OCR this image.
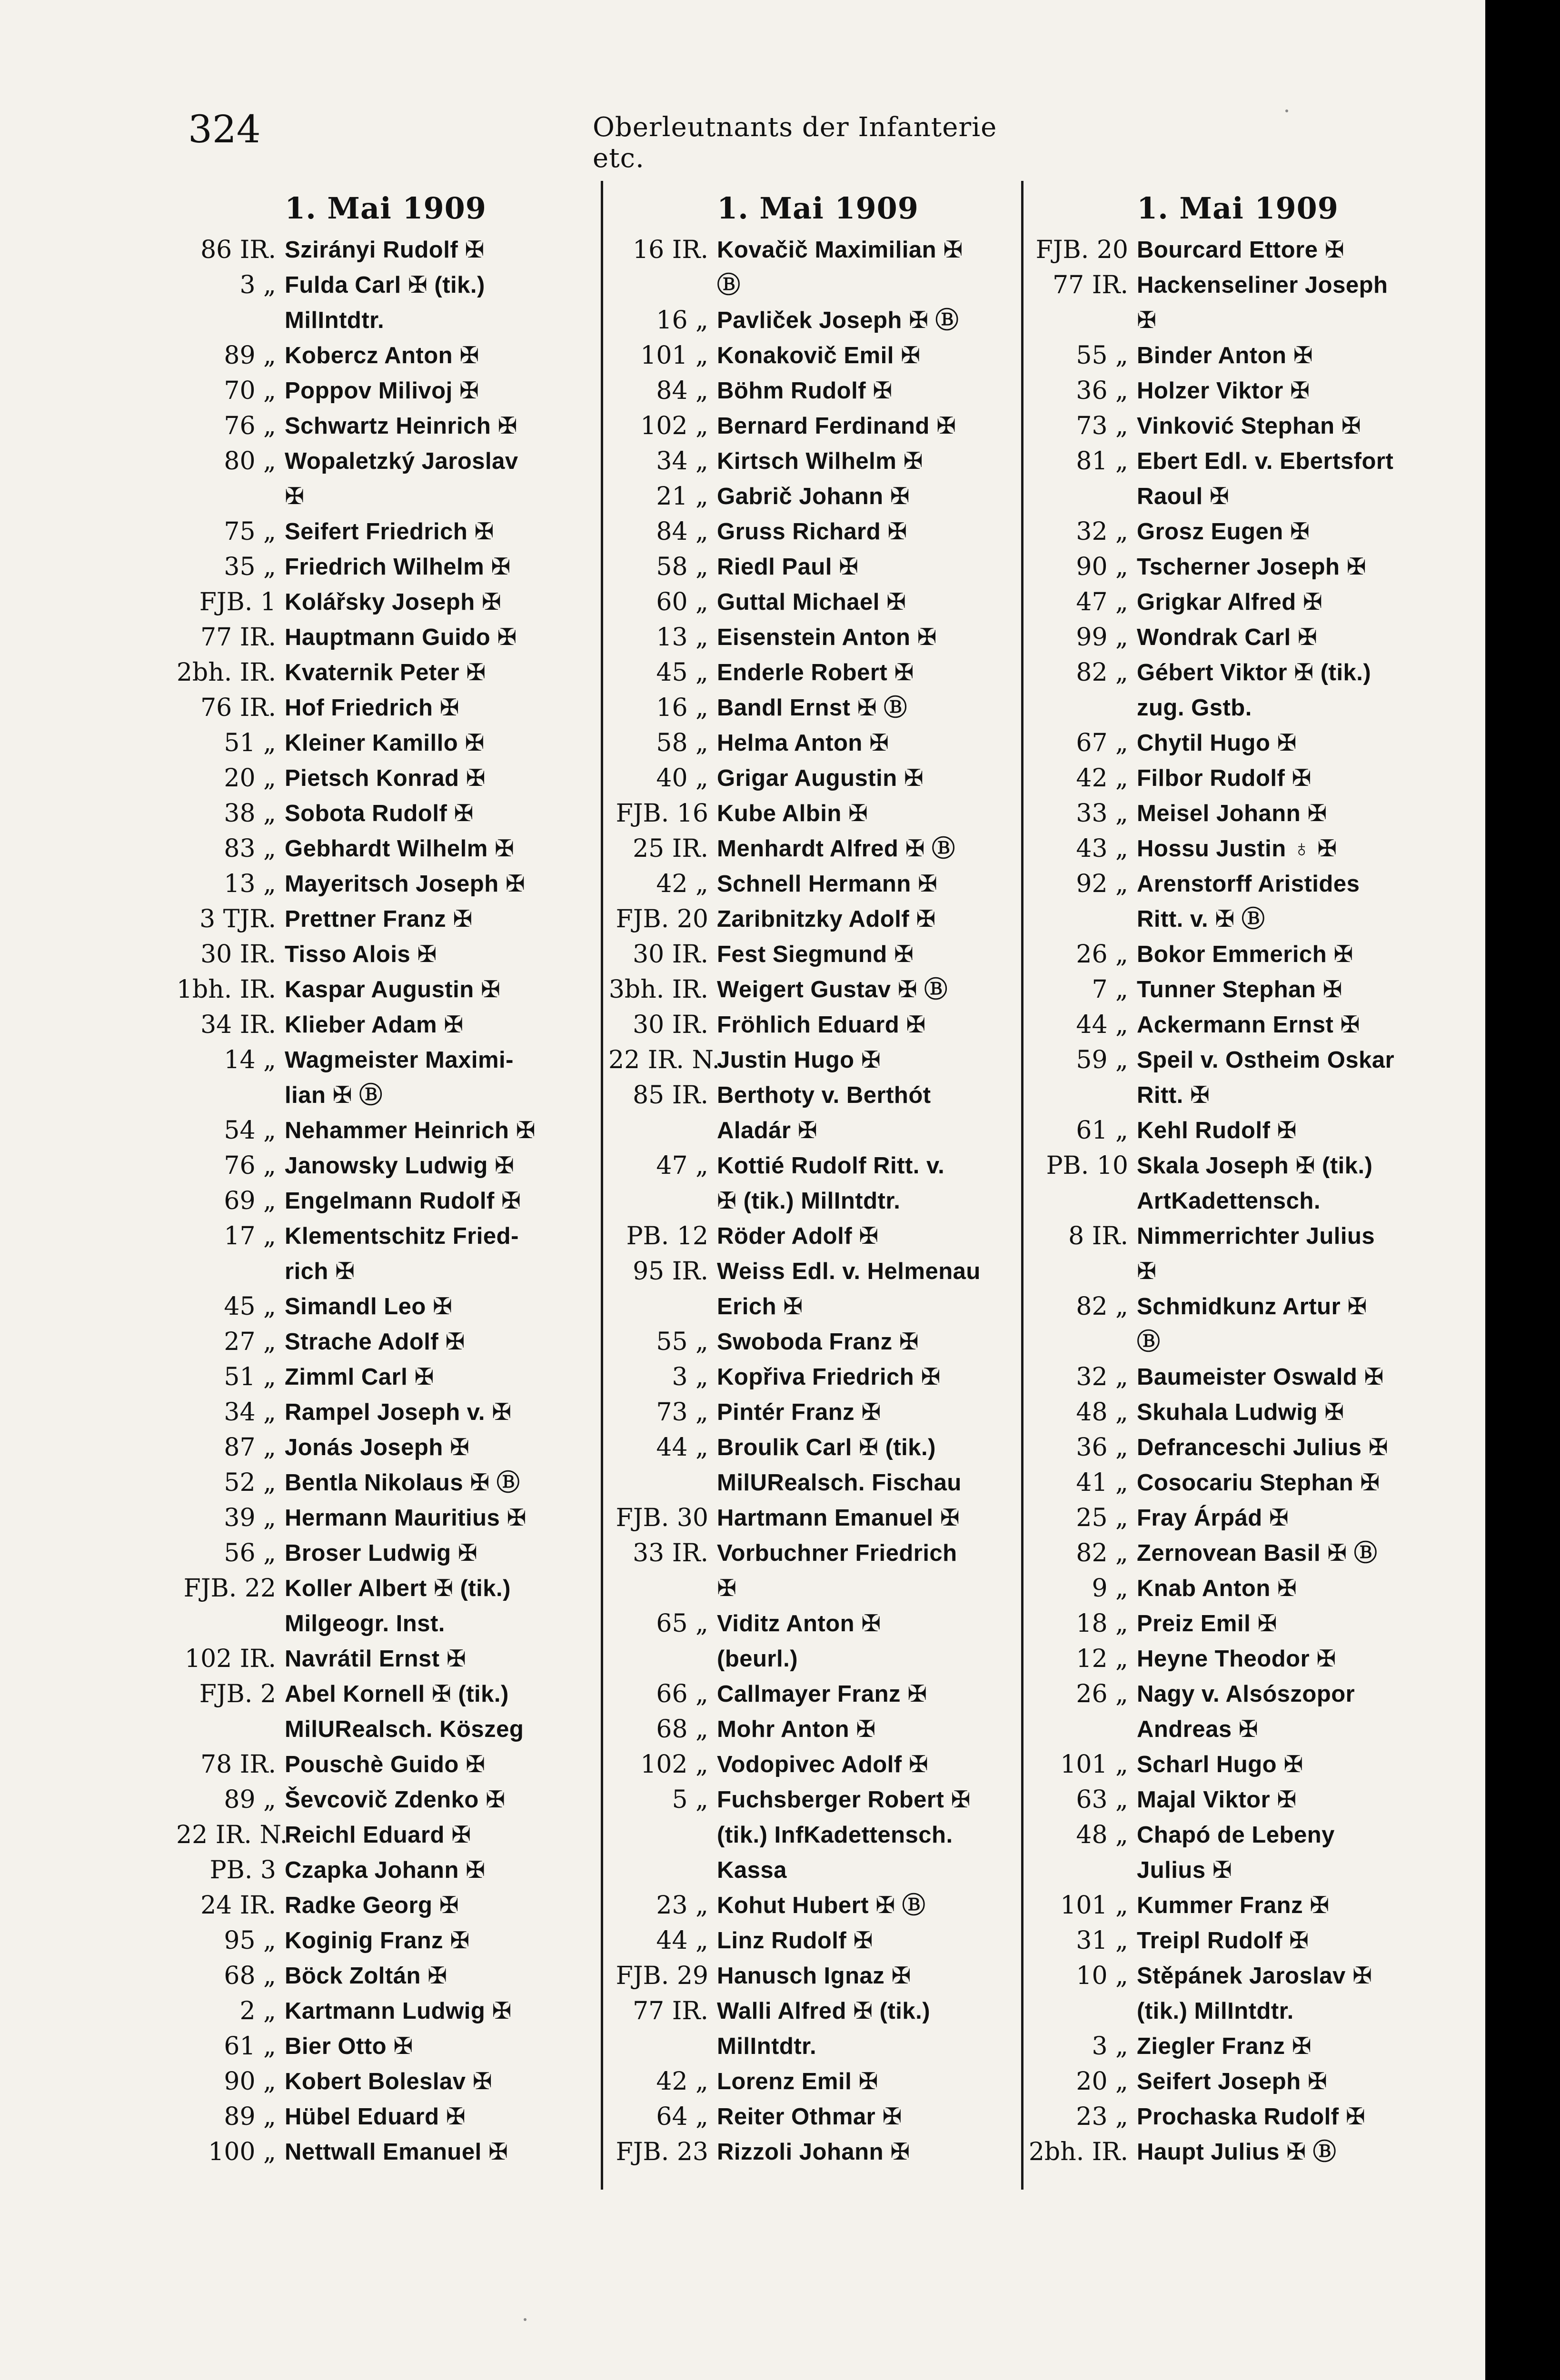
324	Oberleutnants der Infanterie etc.
1. Mai 1909
86 IR. Szirányi Rudolf ✠
3 „ Fulda Carl ✠ (tik.)
MilIntdtr.
89 „ Kobercz Anton ✠
70 „ Poppov Milivoj ✠
76 „ Schwartz Heinrich ✠
80 „ Wopaletzký Jaroslav
✠
75 „ Seifert Friedrich ✠
35 „ Friedrich Wilhelm ✠
FJB. 1 Kolářsky Joseph ✠
77 IR. Hauptmann Guido ✠
2bh. IR. Kvaternik Peter ✠
76 IR. Hof Friedrich ✠
51 „ Kleiner Kamillo ✠
20 „ Pietsch Konrad ✠
38 „ Sobota Rudolf ✠
83 „ Gebhardt Wilhelm ✠
13 „ Mayeritsch Joseph ✠
3 TJR. Prettner Franz ✠
30 IR. Tisso Alois ✠
1bh. IR. Kaspar Augustin ✠
34 IR. Klieber Adam ✠
14 „ Wagmeister Maximi-
lian ✠ Ⓑ
54 „ Nehammer Heinrich ✠
76 „ Janowsky Ludwig ✠
69 „ Engelmann Rudolf ✠
17 „ Klementschitz Fried-
rich ✠
45 „ Simandl Leo ✠
27 „ Strache Adolf ✠
51 „ Zimml Carl ✠
34 „ Rampel Joseph v. ✠
87 „ Jonás Joseph ✠
52 „ Bentla Nikolaus ✠ Ⓑ
39 „ Hermann Mauritius ✠
56 „ Broser Ludwig ✠
FJB. 22 Koller Albert ✠ (tik.)
Milgeogr. Inst.
102 IR. Navrátil Ernst ✠
FJB. 2 Abel Kornell ✠ (tik.)
MilURealsch. Köszeg
78 IR. Pouschè Guido ✠
89 „ Ševcovič Zdenko ✠
22 IR. N.
Reichl Eduard ✠
PB. 3 Czapka Johann ✠
24 IR. Radke Georg ✠
95 „ Koginig Franz ✠
68 „ Böck Zoltán ✠
2 „ Kartmann Ludwig ✠
61 „ Bier Otto ✠
90 „ Kobert Boleslav ✠
89 „ Hübel Eduard ✠
100 „ Nettwall Emanuel ✠
1. Mai 1909
16 IR. Kovačič Maximilian ✠
Ⓑ
16 „ Pavliček Joseph ✠ Ⓑ
101 „ Konakovič Emil ✠
84 „ Böhm Rudolf ✠
102 „ Bernard Ferdinand ✠
34 „ Kirtsch Wilhelm ✠
21 „ Gabrič Johann ✠
84 „ Gruss Richard ✠
58 „ Riedl Paul ✠
60 „ Guttal Michael ✠
13 „ Eisenstein Anton ✠
45 „ Enderle Robert ✠
16 „ Bandl Ernst ✠ Ⓑ
58 „ Helma Anton ✠
40 „ Grigar Augustin ✠
FJB. 16 Kube Albin ✠
25 IR. Menhardt Alfred ✠ Ⓑ
42 „ Schnell Hermann ✠
FJB. 20 Zaribnitzky Adolf ✠
30 IR. Fest Siegmund ✠
3bh. IR. Weigert Gustav ✠ Ⓑ
30 IR. Fröhlich Eduard ✠
22 IR. N.
Justin Hugo ✠
85 IR. Berthoty v. Berthót
Aladár ✠
47 „ Kottié Rudolf Ritt. v.
✠ (tik.) MilIntdtr.
PB. 12 Röder Adolf ✠
95 IR. Weiss Edl. v. Helmenau
Erich ✠
55 „ Swoboda Franz ✠
3 „ Kopřiva Friedrich ✠
73 „ Pintér Franz ✠
44 „ Broulik Carl ✠ (tik.)
MilURealsch. Fischau
FJB. 30 Hartmann Emanuel ✠
33 IR. Vorbuchner Friedrich
✠
65 „ Viditz Anton ✠
(beurl.)
66 „ Callmayer Franz ✠
68 „ Mohr Anton ✠
102 „ Vodopivec Adolf ✠
5 „ Fuchsberger Robert ✠
(tik.) InfKadettensch.
Kassa
23 „ Kohut Hubert ✠ Ⓑ
44 „ Linz Rudolf ✠
FJB. 29 Hanusch Ignaz ✠
77 IR. Walli Alfred ✠ (tik.)
MilIntdtr.
42 „ Lorenz Emil ✠
64 „ Reiter Othmar ✠
FJB. 23 Rizzoli Johann ✠
1. Mai 1909
FJB. 20 Bourcard Ettore ✠
77 IR. Hackenseliner Joseph
✠
55 „ Binder Anton ✠
36 „ Holzer Viktor ✠
73 „ Vinković Stephan ✠
81 „ Ebert Edl. v. Ebertsfort
Raoul ✠
32 „ Grosz Eugen ✠
90 „ Tscherner Joseph ✠
47 „ Grigkar Alfred ✠
99 „ Wondrak Carl ✠
82 „ Gébert Viktor ✠ (tik.)
zug. Gstb.
67 „ Chytil Hugo ✠
42 „ Filbor Rudolf ✠
33 „ Meisel Johann ✠
43 „ Hossu Justin ♁ ✠
92 „ Arenstorff Aristides
Ritt. v. ✠ Ⓑ
26 „ Bokor Emmerich ✠
7 „ Tunner Stephan ✠
44 „ Ackermann Ernst ✠
59 „ Speil v. Ostheim Oskar
Ritt. ✠
61 „ Kehl Rudolf ✠
PB. 10 Skala Joseph ✠ (tik.)
ArtKadettensch.
8 IR. Nimmerrichter Julius
✠
82 „ Schmidkunz Artur ✠
Ⓑ
32 „ Baumeister Oswald ✠
48 „ Skuhala Ludwig ✠
36 „ Defranceschi Julius ✠
41 „ Cosocariu Stephan ✠
25 „ Fray Árpád ✠
82 „ Zernovean Basil ✠ Ⓑ
9 „ Knab Anton ✠
18 „ Preiz Emil ✠
12 „ Heyne Theodor ✠
26 „ Nagy v. Alsószopor
Andreas ✠
101 „ Scharl Hugo ✠
63 „ Majal Viktor ✠
48 „ Chapó de Lebeny
Julius ✠
101 „ Kummer Franz ✠
31 „ Treipl Rudolf ✠
10 „ Stěpánek Jaroslav ✠
(tik.) MilIntdtr.
3 „ Ziegler Franz ✠
20 „ Seifert Joseph ✠
23 „ Prochaska Rudolf ✠
2bh. IR. Haupt Julius ✠ Ⓑ
